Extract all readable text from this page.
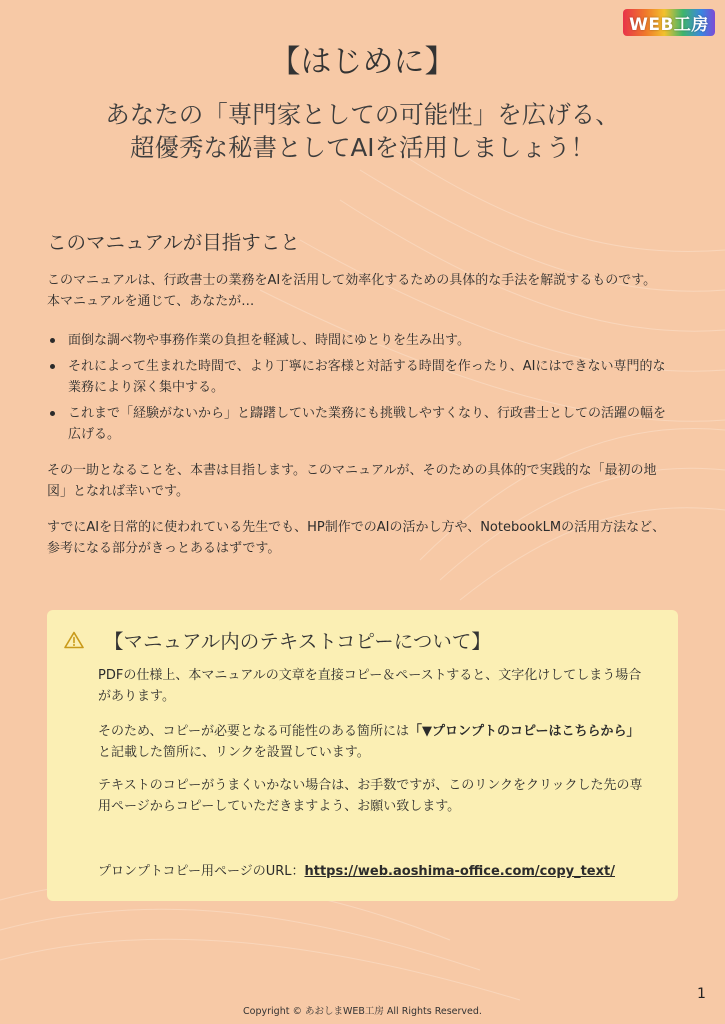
WEB工房
【はじめに】
あなたの「専門家としての可能性」を広げる、
超優秀な秘書としてAIを活用しましょう！
このマニュアルが目指すこと
このマニュアルは、行政書士の業務をAIを活用して効率化するための具体的な手法を解説するものです。
本マニュアルを通じて、あなたが…
面倒な調べ物や事務作業の負担を軽減し、時間にゆとりを生み出す。
それによって生まれた時間で、より丁寧にお客様と対話する時間を作ったり、AIにはできない専門的な
業務により深く集中する。
これまで「経験がないから」と躊躇していた業務にも挑戦しやすくなり、行政書士としての活躍の幅を
広げる。
その一助となることを、本書は目指します。このマニュアルが、そのための具体的で実践的な「最初の地
図」となれば幸いです。
すでにAIを日常的に使われている先生でも、HP制作でのAIの活かし方や、NotebookLMの活用方法など、
参考になる部分がきっとあるはずです。
【マニュアル内のテキストコピーについて】
PDFの仕様上、本マニュアルの文章を直接コピー＆ペーストすると、文字化けしてしまう場合
があります。
そのため、コピーが必要となる可能性のある箇所には「▼プロンプトのコピーはこちらから」
と記載した箇所に、リンクを設置しています。
テキストのコピーがうまくいかない場合は、お手数ですが、このリンクをクリックした先の専
用ページからコピーしていただきますよう、お願い致します。
プロンプトコピー用ページのURL：https://web.aoshima-office.com/copy_text/
Copyright © あおしまWEB工房 All Rights Reserved.
1
